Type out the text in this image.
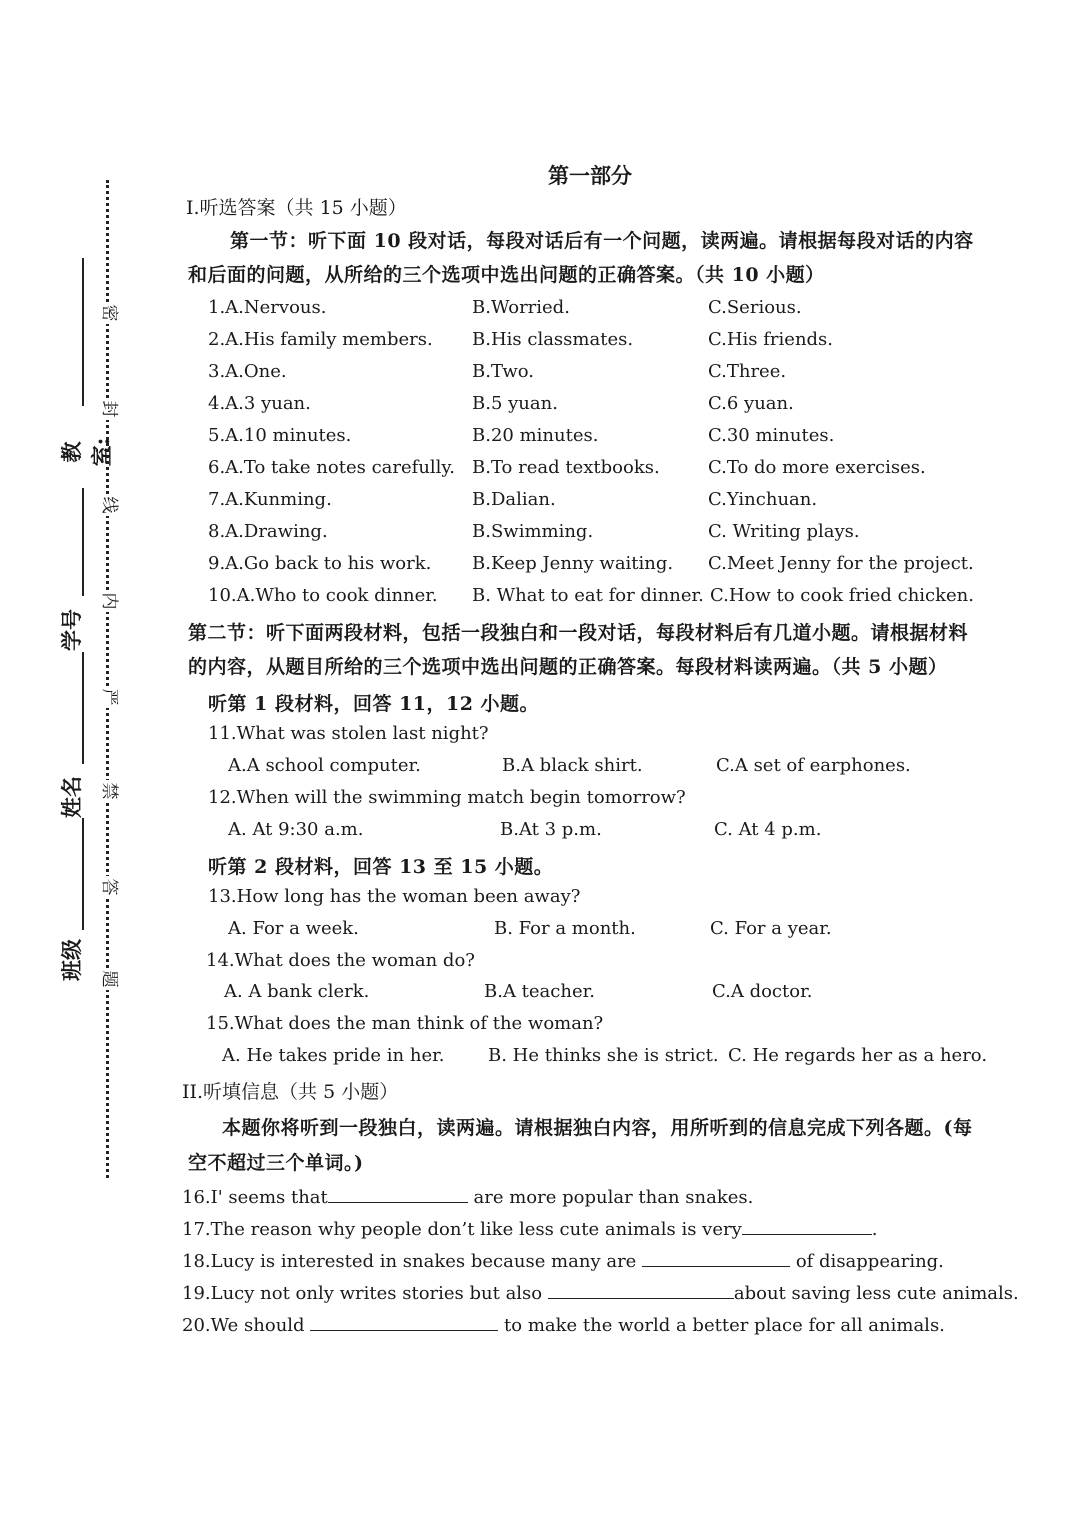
密
封
线
内
严
禁
答
题
教室:
学号
姓名
班级
第一部分
I.听选答案（共 15 小题）
第一节：听下面 10 段对话，每段对话后有一个问题，读两遍。请根据每段对话的内容
和后面的问题，从所给的三个选项中选出问题的正确答案。（共 10 小题）
1.A.Nervous.	B.Worried.	C.Serious.
2.A.His family members. B.His classmates.	C.His friends.
3.A.One.	B.Two.	C.Three.
4.A.3 yuan.	B.5 yuan.	C.6 yuan.
5.A.10 minutes.	B.20 minutes.	C.30 minutes.
6.A.To take notes carefully. B.To read textbooks.	C.To do more exercises.
7.A.Kunming.	B.Dalian.	C.Yinchuan.
8.A.Drawing.	B.Swimming.	C. Writing plays.
9.A.Go back to his work. B.Keep Jenny waiting. C.Meet Jenny for the project.
10.A.Who to cook dinner. B. What to eat for dinner. C.How to cook fried chicken.
第二节：听下面两段材料，包括一段独白和一段对话，每段材料后有几道小题。请根据材料
的内容，从题目所给的三个选项中选出问题的正确答案。每段材料读两遍。（共 5 小题）
听第 1 段材料，回答 11，12 小题。
11.What was stolen last night?
A.A school computer.	B.A black shirt.	C.A set of earphones.
12.When will the swimming match begin tomorrow?
A. At 9:30 a.m.	B.At 3 p.m.	C. At 4 p.m.
听第 2 段材料，回答 13 至 15 小题。
13.How long has the woman been away?
A. For a week.	B. For a month.	C. For a year.
14.What does the woman do?
A. A bank clerk.	B.A teacher.	C.A doctor.
15.What does the man think of the woman?
A. He takes pride in her. B. He thinks she is strict. C. He regards her as a hero.
II.听填信息（共 5 小题）
本题你将听到一段独白，读两遍。请根据独白内容，用所听到的信息完成下列各题。(每
空不超过三个单词。)
16.I' seems that	are more popular than snakes.
17.The reason why people don’t like less cute animals is very	.
18.Lucy is interested in snakes because many are	of disappearing.
19.Lucy not only writes stories but also	about saving less cute animals.
20.We should	to make the world a better place for all animals.
